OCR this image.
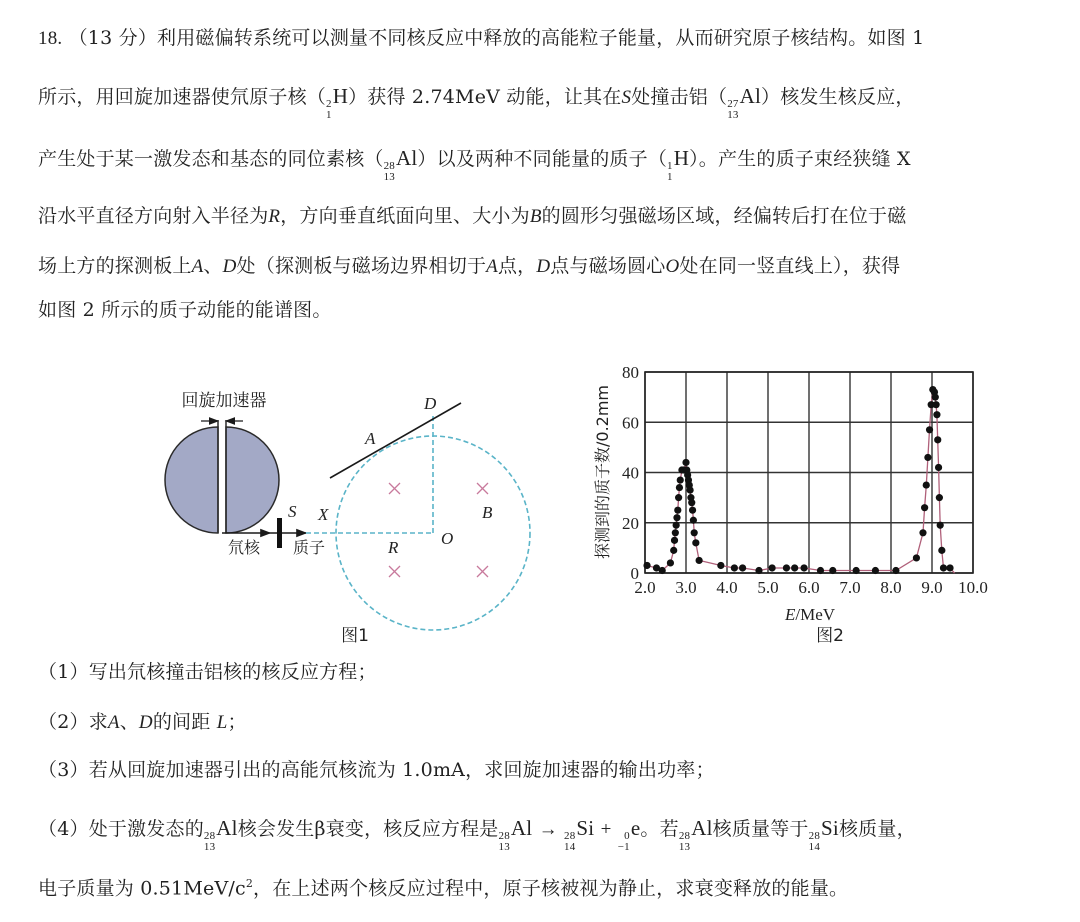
18. （13 分）利用磁偏转系统可以测量不同核反应中释放的高能粒子能量，从而研究原子核结构。如图 1
所示，用回旋加速器使氘原子核（ 2
1
H）获得 2.74MeV 动能，让其在S处撞击铝（ 27
13
Al）核发生核反应，
产生处于某一激发态和基态的同位素核（ 28
13
Al）以及两种不同能量的质子（ 1
1
H）。产生的质子束经狭缝 X
沿水平直径方向射入半径为R，方向垂直纸面向里、大小为B的圆形匀强磁场区域，经偏转后打在位于磁
场上方的探测板上A、D处（探测板与磁场边界相切于A点，D点与磁场圆心O处在同一竖直线上），获得
如图 2 所示的质子动能的能谱图。
回旋加速器
S
氘核 质子
X
A
D
O
R
B
图1
2.0 3.0 4.0 5.0 6.0 7.0 8.0 9.0 10.0
0
20
40
60
80
探测到的质子数/0.2mm
E/MeV
图2
（1）写出氘核撞击铝核的核反应方程；
（2）求A、D的间距 L；
（3）若从回旋加速器引出的高能氘核流为 1.0mA，求回旋加速器的输出功率；
（4）处于激发态的 28
13
Al核会发生β衰变，核反应方程是 28
13
Al → 28
14
Si + 0
−1
e。若 28
13
Al核质量等于 28
14
Si核质量，
电子质量为 $0.51MeV/c^2$，在上述两个核反应过程中，原子核被视为静止，求衰变释放的能量。
